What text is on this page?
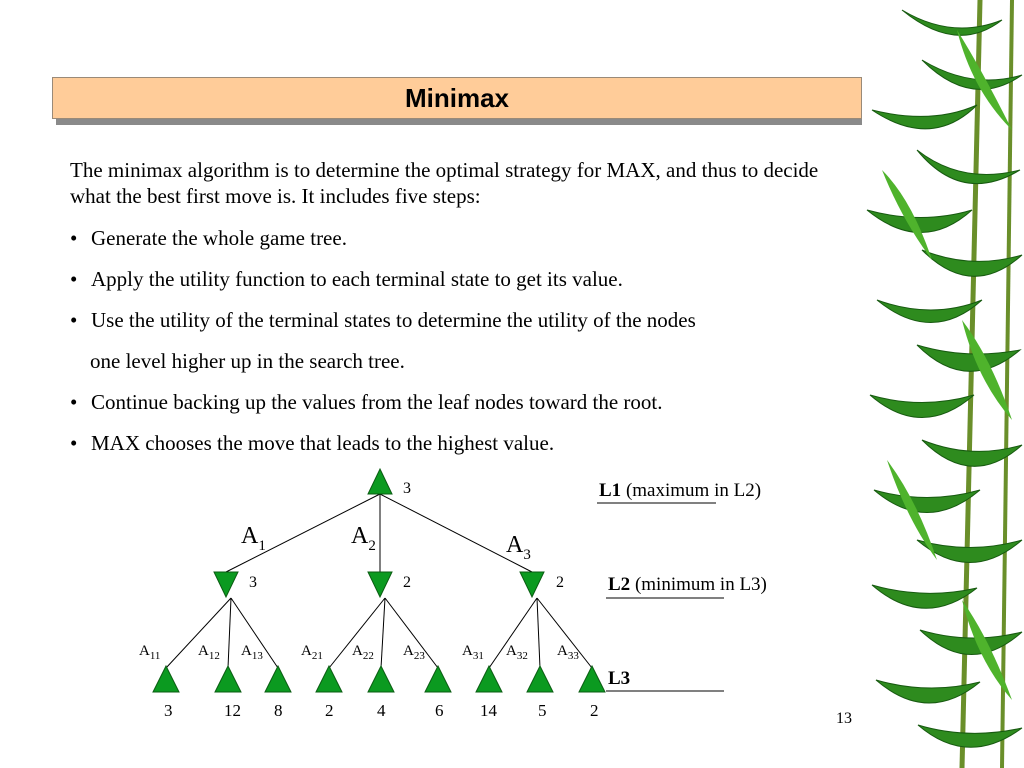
Minimax
The minimax algorithm is to determine the optimal strategy for MAX, and thus to decide what the best first move is. It includes five steps:
• Generate the whole game tree.
• Apply the utility function to each terminal state to get its value.
• Use the utility of the terminal states to determine the utility of the nodes
one level higher up in the search tree.
• Continue backing up the values from the leaf nodes toward the root.
• MAX chooses the move that leads to the highest value.
3
3	2	2
$A_1$	$A_2$	$A_3$
$A_{11}$	$A_{12}$ $A_{13}$	$A_{21}$ $A_{22}$ $A_{23}$ $A_{31}$ $A_{32}$ $A_{33}$
3	12 8	2	4	6 14 5	2
L1 (maximum in L2)
L2 (minimum in L3)
L3
13
